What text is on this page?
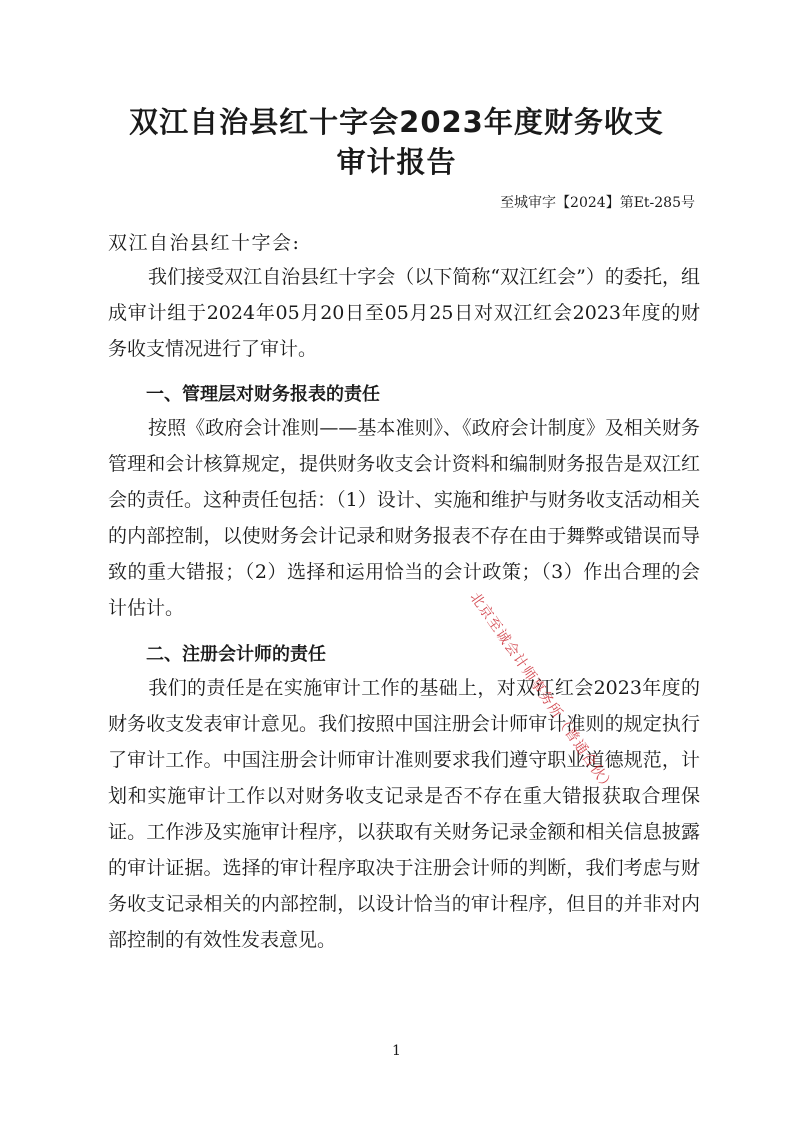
双江自治县红十字会2023年度财务收支
审计报告
至城审字【2024】第Et-285号
双江自治县红十字会:

我们接受双江自治县红十字会（以下简称“双江红会”）的委托，组成审计组于2024年05月20日至05月25日对双江红会2023年度的财务收支情况进行了审计。

一、管理层对财务报表的责任

按照《政府会计准则——基本准则》、《政府会计制度》及相关财务管理和会计核算规定，提供财务收支会计资料和编制财务报告是双江红会的责任。这种责任包括：（1）设计、实施和维护与财务收支活动相关的内部控制，以使财务会计记录和财务报表不存在由于舞弊或错误而导致的重大错报；（2）选择和运用恰当的会计政策；（3）作出合理的会计估计。

二、注册会计师的责任

我们的责任是在实施审计工作的基础上，对双江红会2023年度的财务收支发表审计意见。我们按照中国注册会计师审计准则的规定执行了审计工作。中国注册会计师审计准则要求我们遵守职业道德规范，计划和实施审计工作以对财务收支记录是否不存在重大错报获取合理保证。工作涉及实施审计程序，以获取有关财务记录金额和相关信息披露的审计证据。选择的审计程序取决于注册会计师的判断，我们考虑与财务收支记录相关的内部控制，以设计恰当的审计程序，但目的并非对内部控制的有效性发表意见。

北京至诚会计师事务所（普通合伙）
1
